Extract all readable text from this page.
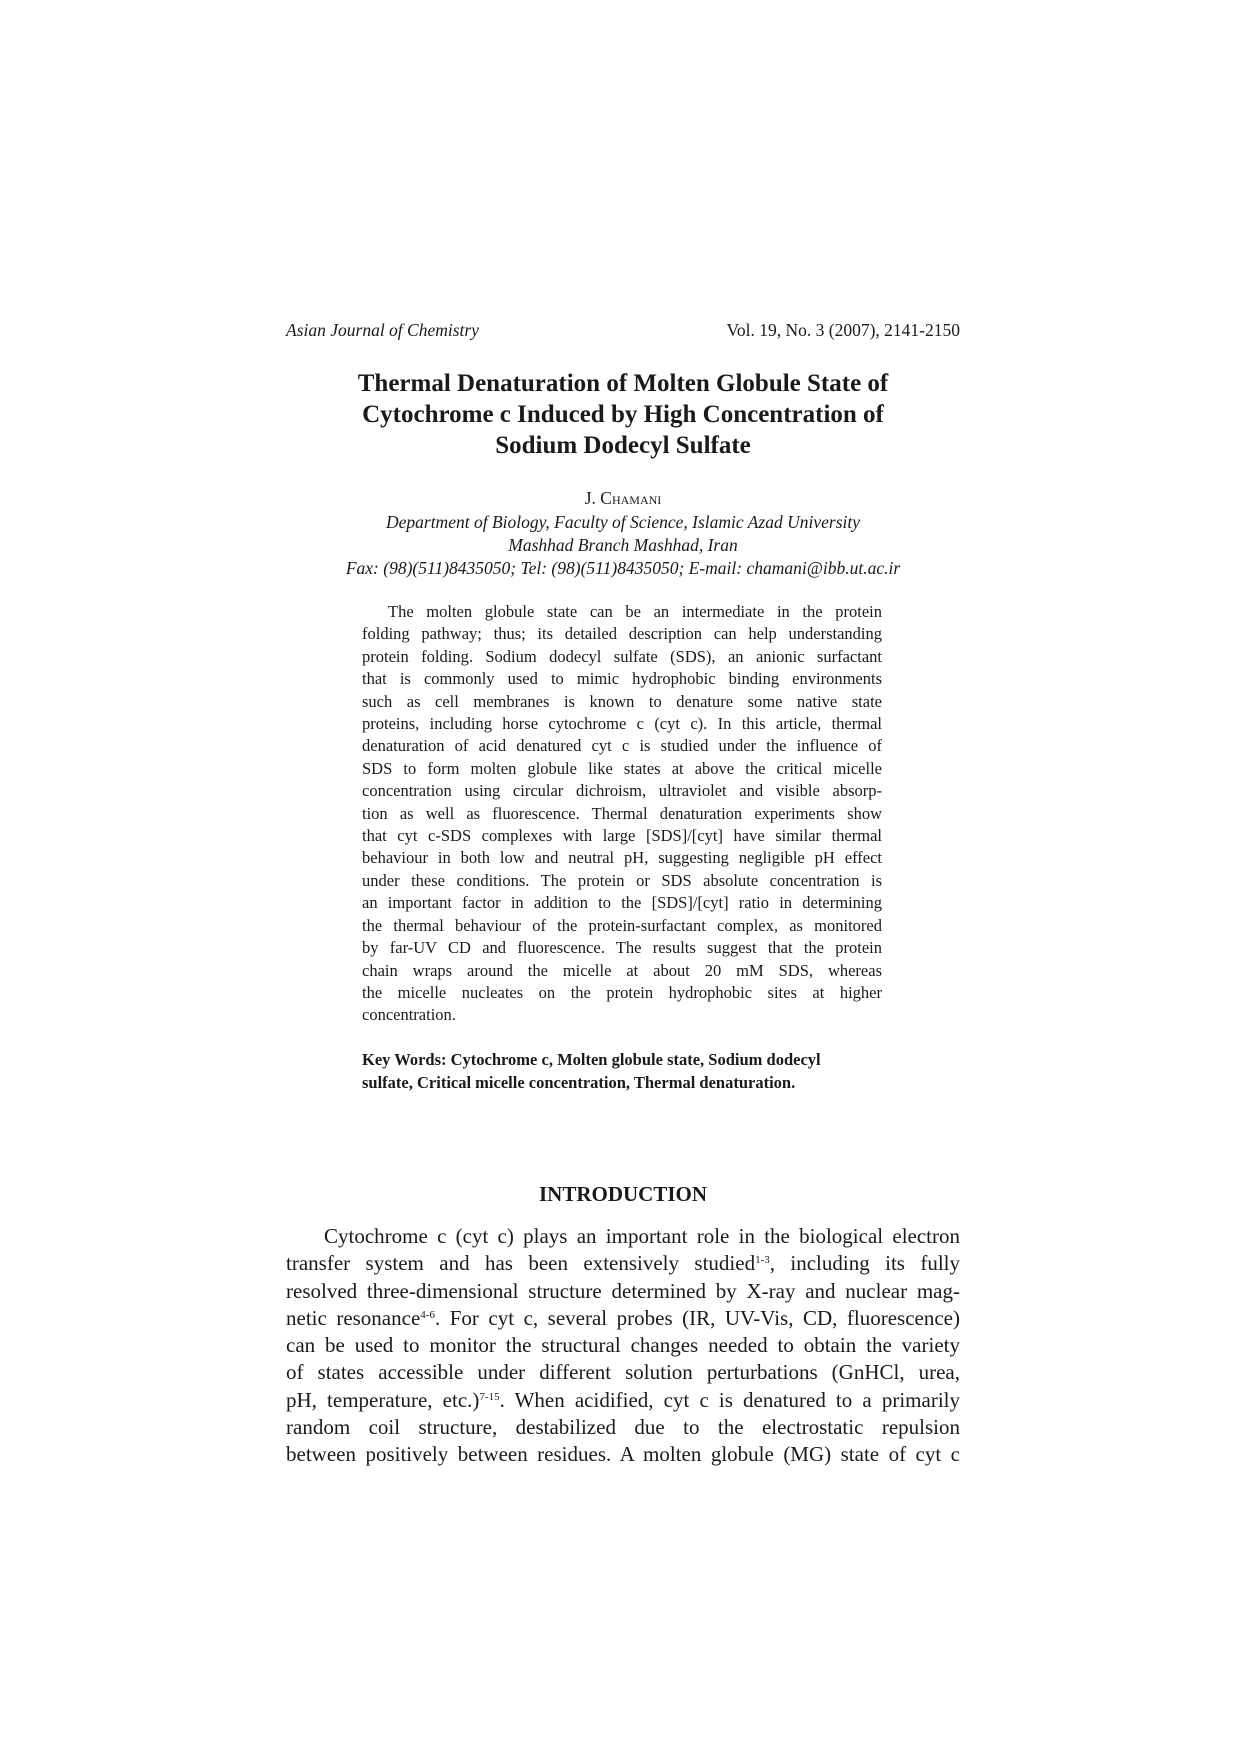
Asian Journal of Chemistry	Vol. 19, No. 3 (2007), 2141-2150
Thermal Denaturation of Molten Globule State of
Cytochrome c Induced by High Concentration of
Sodium Dodecyl Sulfate
J. Chamani
Department of Biology, Faculty of Science, Islamic Azad University
Mashhad Branch Mashhad, Iran
Fax: (98)(511)8435050; Tel: (98)(511)8435050; E-mail: chamani@ibb.ut.ac.ir
The molten globule state can be an intermediate in the protein
folding pathway; thus; its detailed description can help understanding
protein folding. Sodium dodecyl sulfate (SDS), an anionic surfactant
that is commonly used to mimic hydrophobic binding environments
such as cell membranes is known to denature some native state
proteins, including horse cytochrome c (cyt c). In this article, thermal
denaturation of acid denatured cyt c is studied under the influence of
SDS to form molten globule like states at above the critical micelle
concentration using circular dichroism, ultraviolet and visible absorp-
tion as well as fluorescence. Thermal denaturation experiments show
that cyt c-SDS complexes with large [SDS]/[cyt] have similar thermal
behaviour in both low and neutral pH, suggesting negligible pH effect
under these conditions. The protein or SDS absolute concentration is
an important factor in addition to the [SDS]/[cyt] ratio in determining
the thermal behaviour of the protein-surfactant complex, as monitored
by far-UV CD and fluorescence. The results suggest that the protein
chain wraps around the micelle at about 20 mM SDS, whereas
the micelle nucleates on the protein hydrophobic sites at higher
concentration.
Key Words: Cytochrome c, Molten globule state, Sodium dodecyl
sulfate, Critical micelle concentration, Thermal denaturation.
INTRODUCTION
Cytochrome c (cyt c) plays an important role in the biological electron
transfer system and has been extensively studied$^{1-3}$, including its fully
resolved three-dimensional structure determined by X-ray and nuclear mag-
netic resonance$^{4-6}$. For cyt c, several probes (IR, UV-Vis, CD, fluorescence)
can be used to monitor the structural changes needed to obtain the variety
of states accessible under different solution perturbations (GnHCl, urea,
pH, temperature, etc.)$^{7-15}$. When acidified, cyt c is denatured to a primarily
random coil structure, destabilized due to the electrostatic repulsion
between positively between residues. A molten globule (MG) state of cyt c
